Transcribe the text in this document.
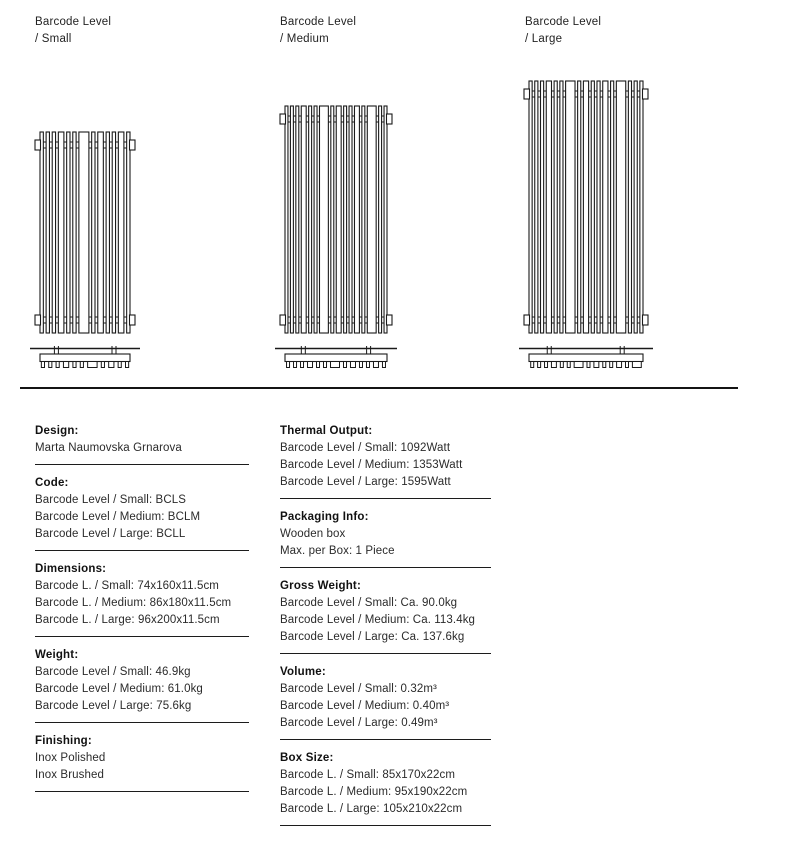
Barcode Level
/ Small
Barcode Level
/ Medium
Barcode Level
/ Large
Design:

Marta Naumovska Grnarova

Code:

Barcode Level / Small: BCLS

Barcode Level / Medium: BCLM

Barcode Level / Large: BCLL

Dimensions:

Barcode L. / Small: 74x160x11.5cm

Barcode L. / Medium: 86x180x11.5cm

Barcode L. / Large: 96x200x11.5cm

Weight:

Barcode Level / Small: 46.9kg

Barcode Level / Medium: 61.0kg

Barcode Level / Large: 75.6kg

Finishing:

Inox Polished

Inox Brushed

Thermal Output:

Barcode Level / Small: 1092Watt

Barcode Level / Medium: 1353Watt

Barcode Level / Large: 1595Watt

Packaging Info:

Wooden box

Max. per Box: 1 Piece

Gross Weight:

Barcode Level / Small: Ca. 90.0kg

Barcode Level / Medium: Ca. 113.4kg

Barcode Level / Large: Ca. 137.6kg

Volume:

Barcode Level / Small: 0.32m³

Barcode Level / Medium: 0.40m³

Barcode Level / Large: 0.49m³

Box Size:

Barcode L. / Small: 85x170x22cm

Barcode L. / Medium: 95x190x22cm

Barcode L. / Large: 105x210x22cm
